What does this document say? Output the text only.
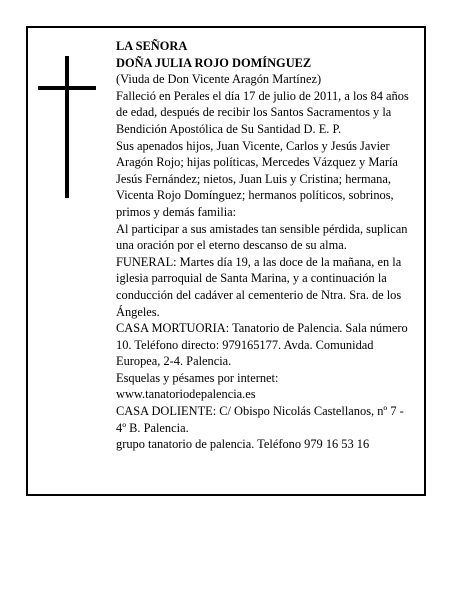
LA SEÑORA

DOÑA JULIA ROJO DOMÍNGUEZ

(Viuda de Don Vicente Aragón Martínez)

Falleció en Perales el día 17 de julio de 2011, a los 84 años de edad, después de recibir los Santos Sacramentos y la Bendición Apostólica de Su Santidad D. E. P.

Sus apenados hijos, Juan Vicente, Carlos y Jesús Javier Aragón Rojo; hijas políticas, Mercedes Vázquez y María Jesús Fernández; nietos, Juan Luis y Cristina; hermana, Vicenta Rojo Domínguez; hermanos políticos, sobrinos, primos y demás familia:

Al participar a sus amistades tan sensible pérdida, suplican una oración por el eterno descanso de su alma.

FUNERAL: Martes día 19, a las doce de la mañana, en la iglesia parroquial de Santa Marina, y a continuación la conducción del cadáver al cementerio de Ntra. Sra. de los Ángeles.

CASA MORTUORIA: Tanatorio de Palencia. Sala número 10. Teléfono directo: 979165177. Avda. Comunidad Europea, 2-4. Palencia.

Esquelas y pésames por internet: www.tanatoriodepalencia.es

CASA DOLIENTE: C/ Obispo Nicolás Castellanos, nº 7 - 4º B. Palencia.

grupo tanatorio de palencia. Teléfono 979 16 53 16
